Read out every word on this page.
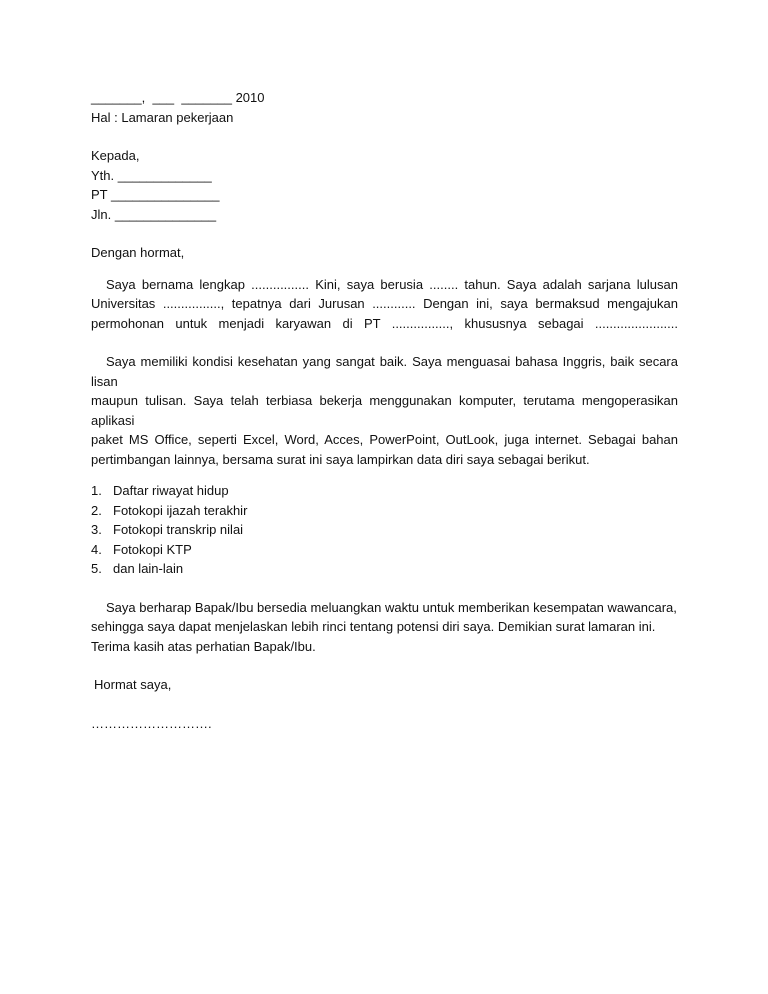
_______,  ___  _______ 2010
Hal : Lamaran pekerjaan
Kepada,
Yth. _____________
PT _______________
Jln. ______________
Dengan hormat,
Saya bernama lengkap ................ Kini, saya berusia ........ tahun. Saya adalah sarjana lulusan
Universitas ................, tepatnya dari Jurusan ............ Dengan ini, saya bermaksud mengajukan
permohonan untuk menjadi karyawan di PT ................, khususnya sebagai .......................
Saya memiliki kondisi kesehatan yang sangat baik. Saya menguasai bahasa Inggris, baik secara lisan
maupun tulisan. Saya telah terbiasa bekerja menggunakan komputer, terutama mengoperasikan aplikasi
paket MS Office, seperti Excel, Word, Acces, PowerPoint, OutLook, juga internet. Sebagai bahan
pertimbangan lainnya, bersama surat ini saya lampirkan data diri saya sebagai berikut.
1. Daftar riwayat hidup
2. Fotokopi ijazah terakhir
3. Fotokopi transkrip nilai
4. Fotokopi KTP
5. dan lain-lain
Saya berharap Bapak/Ibu bersedia meluangkan waktu untuk memberikan kesempatan wawancara,
sehingga saya dapat menjelaskan lebih rinci tentang potensi diri saya. Demikian surat lamaran ini.
Terima kasih atas perhatian Bapak/Ibu.
Hormat saya,
……………………….
